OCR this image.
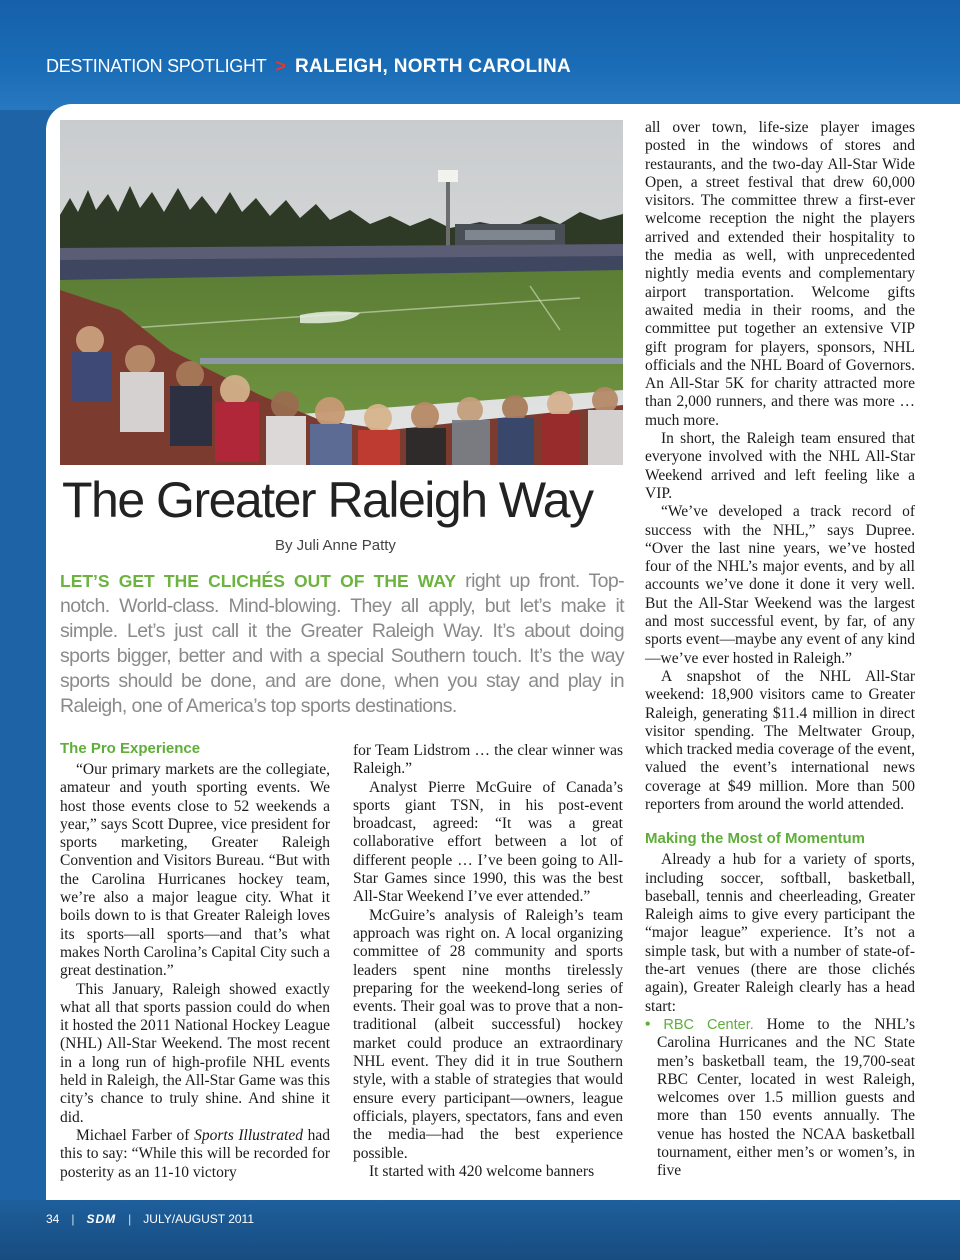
DESTINATION SPOTLIGHT > RALEIGH, NORTH CAROLINA
The Greater Raleigh Way
By Juli Anne Patty
LET’S GET THE CLICHÉS OUT OF THE WAY right up front. Top-notch. World-class. Mind-blowing. They all apply, but let’s make it simple. Let’s just call it the Greater Raleigh Way. It’s about doing sports bigger, better and with a special Southern touch. It’s the way sports should be done, and are done, when you stay and play in Raleigh, one of America’s top sports destinations.
The Pro Experience

“Our primary markets are the collegiate, amateur and youth sporting events. We host those events close to 52 weekends a year,” says Scott Dupree, vice president for sports marketing, Greater Raleigh Convention and Visitors Bureau. “But with the Carolina Hurricanes hockey team, we’re also a major league city. What it boils down to is that Greater Raleigh loves its sports—all sports—and that’s what makes North Carolina’s Capital City such a great destination.”

This January, Raleigh showed exactly what all that sports passion could do when it hosted the 2011 National Hockey League (NHL) All-Star Weekend. The most recent in a long run of high-profile NHL events held in Raleigh, the All-Star Game was this city’s chance to truly shine. And shine it did.

Michael Farber of Sports Illustrated had this to say: “While this will be recorded for posterity as an 11-10 victory

for Team Lidstrom … the clear winner was Raleigh.”

Analyst Pierre McGuire of Canada’s sports giant TSN, in his post-event broadcast, agreed: “It was a great collaborative effort between a lot of different people … I’ve been going to All-Star Games since 1990, this was the best All-Star Weekend I’ve ever attended.”

McGuire’s analysis of Raleigh’s team approach was right on. A local organizing committee of 28 community and sports leaders spent nine months tirelessly preparing for the weekend-long series of events. Their goal was to prove that a non-traditional (albeit successful) hockey market could produce an extraordinary NHL event. They did it in true Southern style, with a stable of strategies that would ensure every participant—owners, league officials, players, spectators, fans and even the media—had the best experience possible.

It started with 420 welcome banners

all over town, life-size player images posted in the windows of stores and restaurants, and the two-day All-Star Wide Open, a street festival that drew 60,000 visitors. The committee threw a first-ever welcome reception the night the players arrived and extended their hospitality to the media as well, with unprecedented nightly media events and complementary airport transportation. Welcome gifts awaited media in their rooms, and the committee put together an extensive VIP gift program for players, sponsors, NHL officials and the NHL Board of Governors. An All-Star 5K for charity attracted more than 2,000 runners, and there was more … much more.

In short, the Raleigh team ensured that everyone involved with the NHL All-Star Weekend arrived and left feeling like a VIP.

“We’ve developed a track record of success with the NHL,” says Dupree. “Over the last nine years, we’ve hosted four of the NHL’s major events, and by all accounts we’ve done it done it very well. But the All-Star Weekend was the largest and most successful event, by far, of any sports event—maybe any event of any kind—we’ve ever hosted in Raleigh.”

A snapshot of the NHL All-Star weekend: 18,900 visitors came to Greater Raleigh, generating $11.4 million in direct visitor spending. The Meltwater Group, which tracked media coverage of the event, valued the event’s international news coverage at $49 million. More than 500 reporters from around the world attended.

Making the Most of Momentum

Already a hub for a variety of sports, including soccer, softball, basketball, baseball, tennis and cheerleading, Greater Raleigh aims to give every participant the “major league” experience. It’s not a simple task, but with a number of state-of-the-art venues (there are those clichés again), Greater Raleigh clearly has a head start:

• RBC Center. Home to the NHL’s Carolina Hurricanes and the NC State men’s basketball team, the 19,700-seat RBC Center, located in west Raleigh, welcomes over 1.5 million guests and more than 150 events annually. The venue has hosted the NCAA basketball tournament, either men’s or women’s, in five

34 | SDM | JULY/AUGUST 2011
